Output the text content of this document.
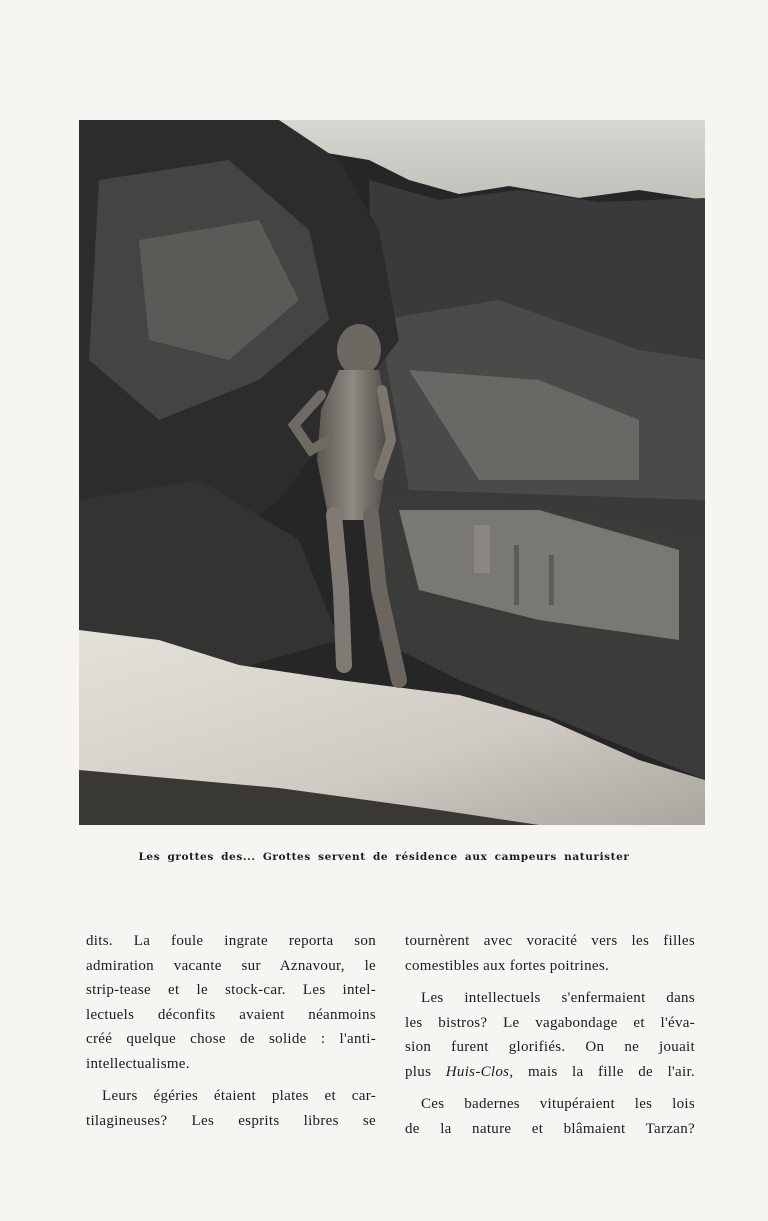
Les grottes des... Grottes servent de résidence aux campeurs naturister

dits. La foule ingrate reporta son
admiration vacante sur Aznavour, le
strip-tease et le stock-car. Les intel-
lectuels déconfits avaient néanmoins
créé quelque chose de solide : l'anti-
intellectualisme.

Leurs égéries étaient plates et car-
tilagineuses? Les esprits libres se

tournèrent avec voracité vers les filles
comestibles aux fortes poitrines.

Les intellectuels s'enfermaient dans
les bistros? Le vagabondage et l'éva-
sion furent glorifiés. On ne jouait
plus Huis-Clos, mais la fille de l'air.

Ces badernes vitupéraient les lois
de la nature et blâmaient Tarzan?
